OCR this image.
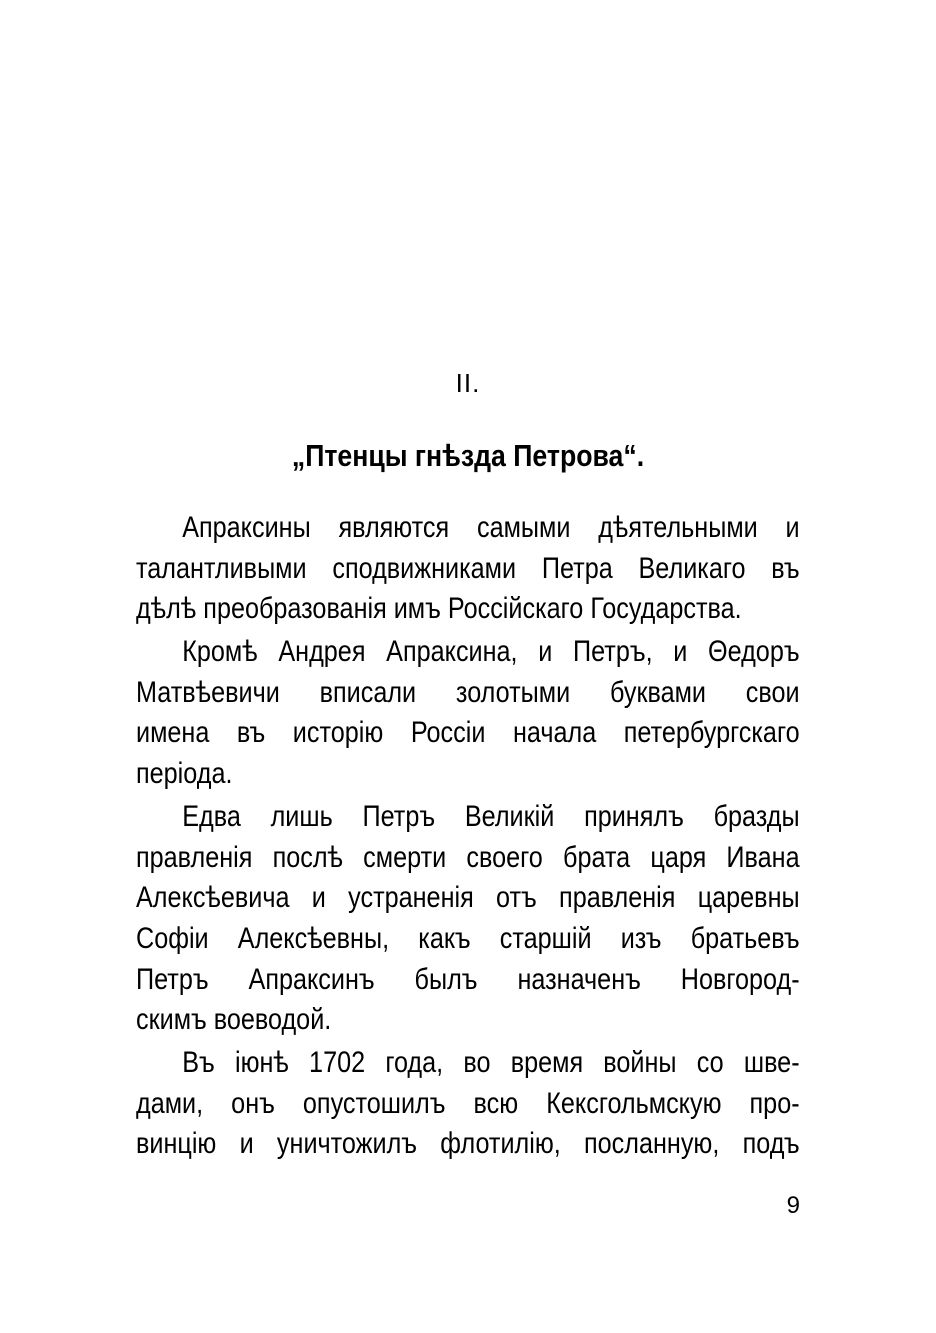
II.
„Птенцы гнѣзда Петрова“.
Апраксины являются самыми дѣятельными и
талантливыми сподвижниками Петра Великаго въ
дѣлѣ преобразованія имъ Россійскаго Государства.
Кромѣ Андрея Апраксина, и Петръ, и Θедоръ
Матвѣевичи вписали золотыми буквами свои
имена въ исторію Россіи начала петербургскаго
періода.
Едва лишь Петръ Великій принялъ бразды
правленія послѣ смерти своего брата царя Ивана
Алексѣевича и устраненія отъ правленія царевны
Софіи Алексѣевны, какъ старшій изъ братьевъ
Петръ Апраксинъ былъ назначенъ Новгород-
скимъ воеводой.
Въ іюнѣ 1702 года, во время войны со шве-
дами, онъ опустошилъ всю Кексгольмскую про-
винцію и уничтожилъ флотилію, посланную, подъ
9
